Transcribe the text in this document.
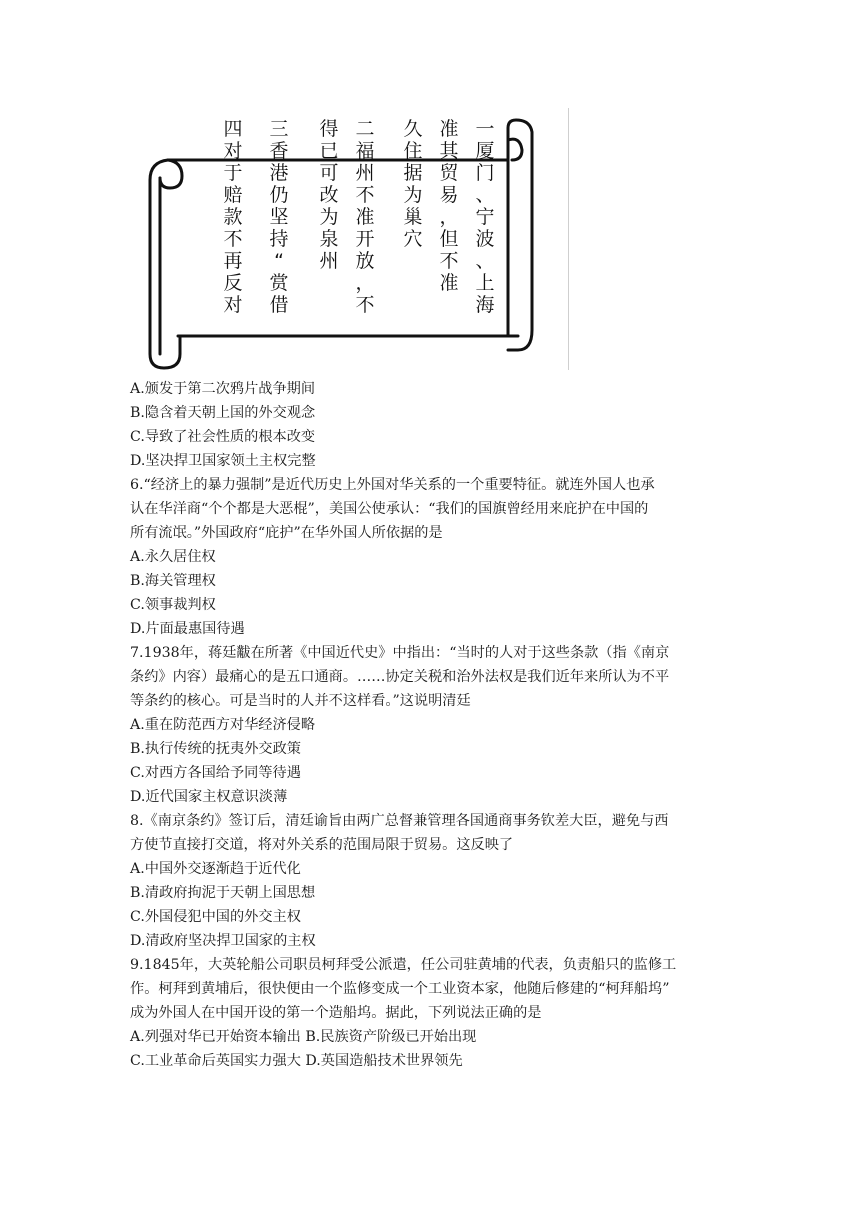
一
厦
门
、
宁
波
、
上
海
准
其
贸
易
，
但
不
准
久
住
据
为
巢
穴
二
福
州
不
准
开
放
，
不
得
已
可
改
为
泉
州
三
香
港
仍
坚
持
“
赏
借
四
对
于
赔
款
不
再
反
对
A.颁发于第二次鸦片战争期间
B.隐含着天朝上国的外交观念
C.导致了社会性质的根本改变
D.坚决捍卫国家领土主权完整
6.“经济上的暴力强制”是近代历史上外国对华关系的一个重要特征。就连外国人也承
认在华洋商“个个都是大恶棍”，美国公使承认：“我们的国旗曾经用来庇护在中国的
所有流氓。”外国政府“庇护”在华外国人所依据的是
A.永久居住权
B.海关管理权
C.领事裁判权
D.片面最惠国待遇
7.1938年，蒋廷黻在所著《中国近代史》中指出：“当时的人对于这些条款（指《南京
条约》内容）最痛心的是五口通商。……协定关税和治外法权是我们近年来所认为不平
等条约的核心。可是当时的人并不这样看。”这说明清廷
A.重在防范西方对华经济侵略
B.执行传统的抚夷外交政策
C.对西方各国给予同等待遇
D.近代国家主权意识淡薄
8.《南京条约》签订后，清廷谕旨由两广总督兼管理各国通商事务钦差大臣，避免与西
方使节直接打交道，将对外关系的范围局限于贸易。这反映了
A.中国外交逐渐趋于近代化
B.清政府拘泥于天朝上国思想
C.外国侵犯中国的外交主权
D.清政府坚决捍卫国家的主权
9.1845年，大英轮船公司职员柯拜受公派遣，任公司驻黄埔的代表，负责船只的监修工
作。柯拜到黄埔后，很快便由一个监修变成一个工业资本家，他随后修建的“柯拜船坞”
成为外国人在中国开设的第一个造船坞。据此，下列说法正确的是
A.列强对华已开始资本输出 B.民族资产阶级已开始出现
C.工业革命后英国实力强大 D.英国造船技术世界领先
